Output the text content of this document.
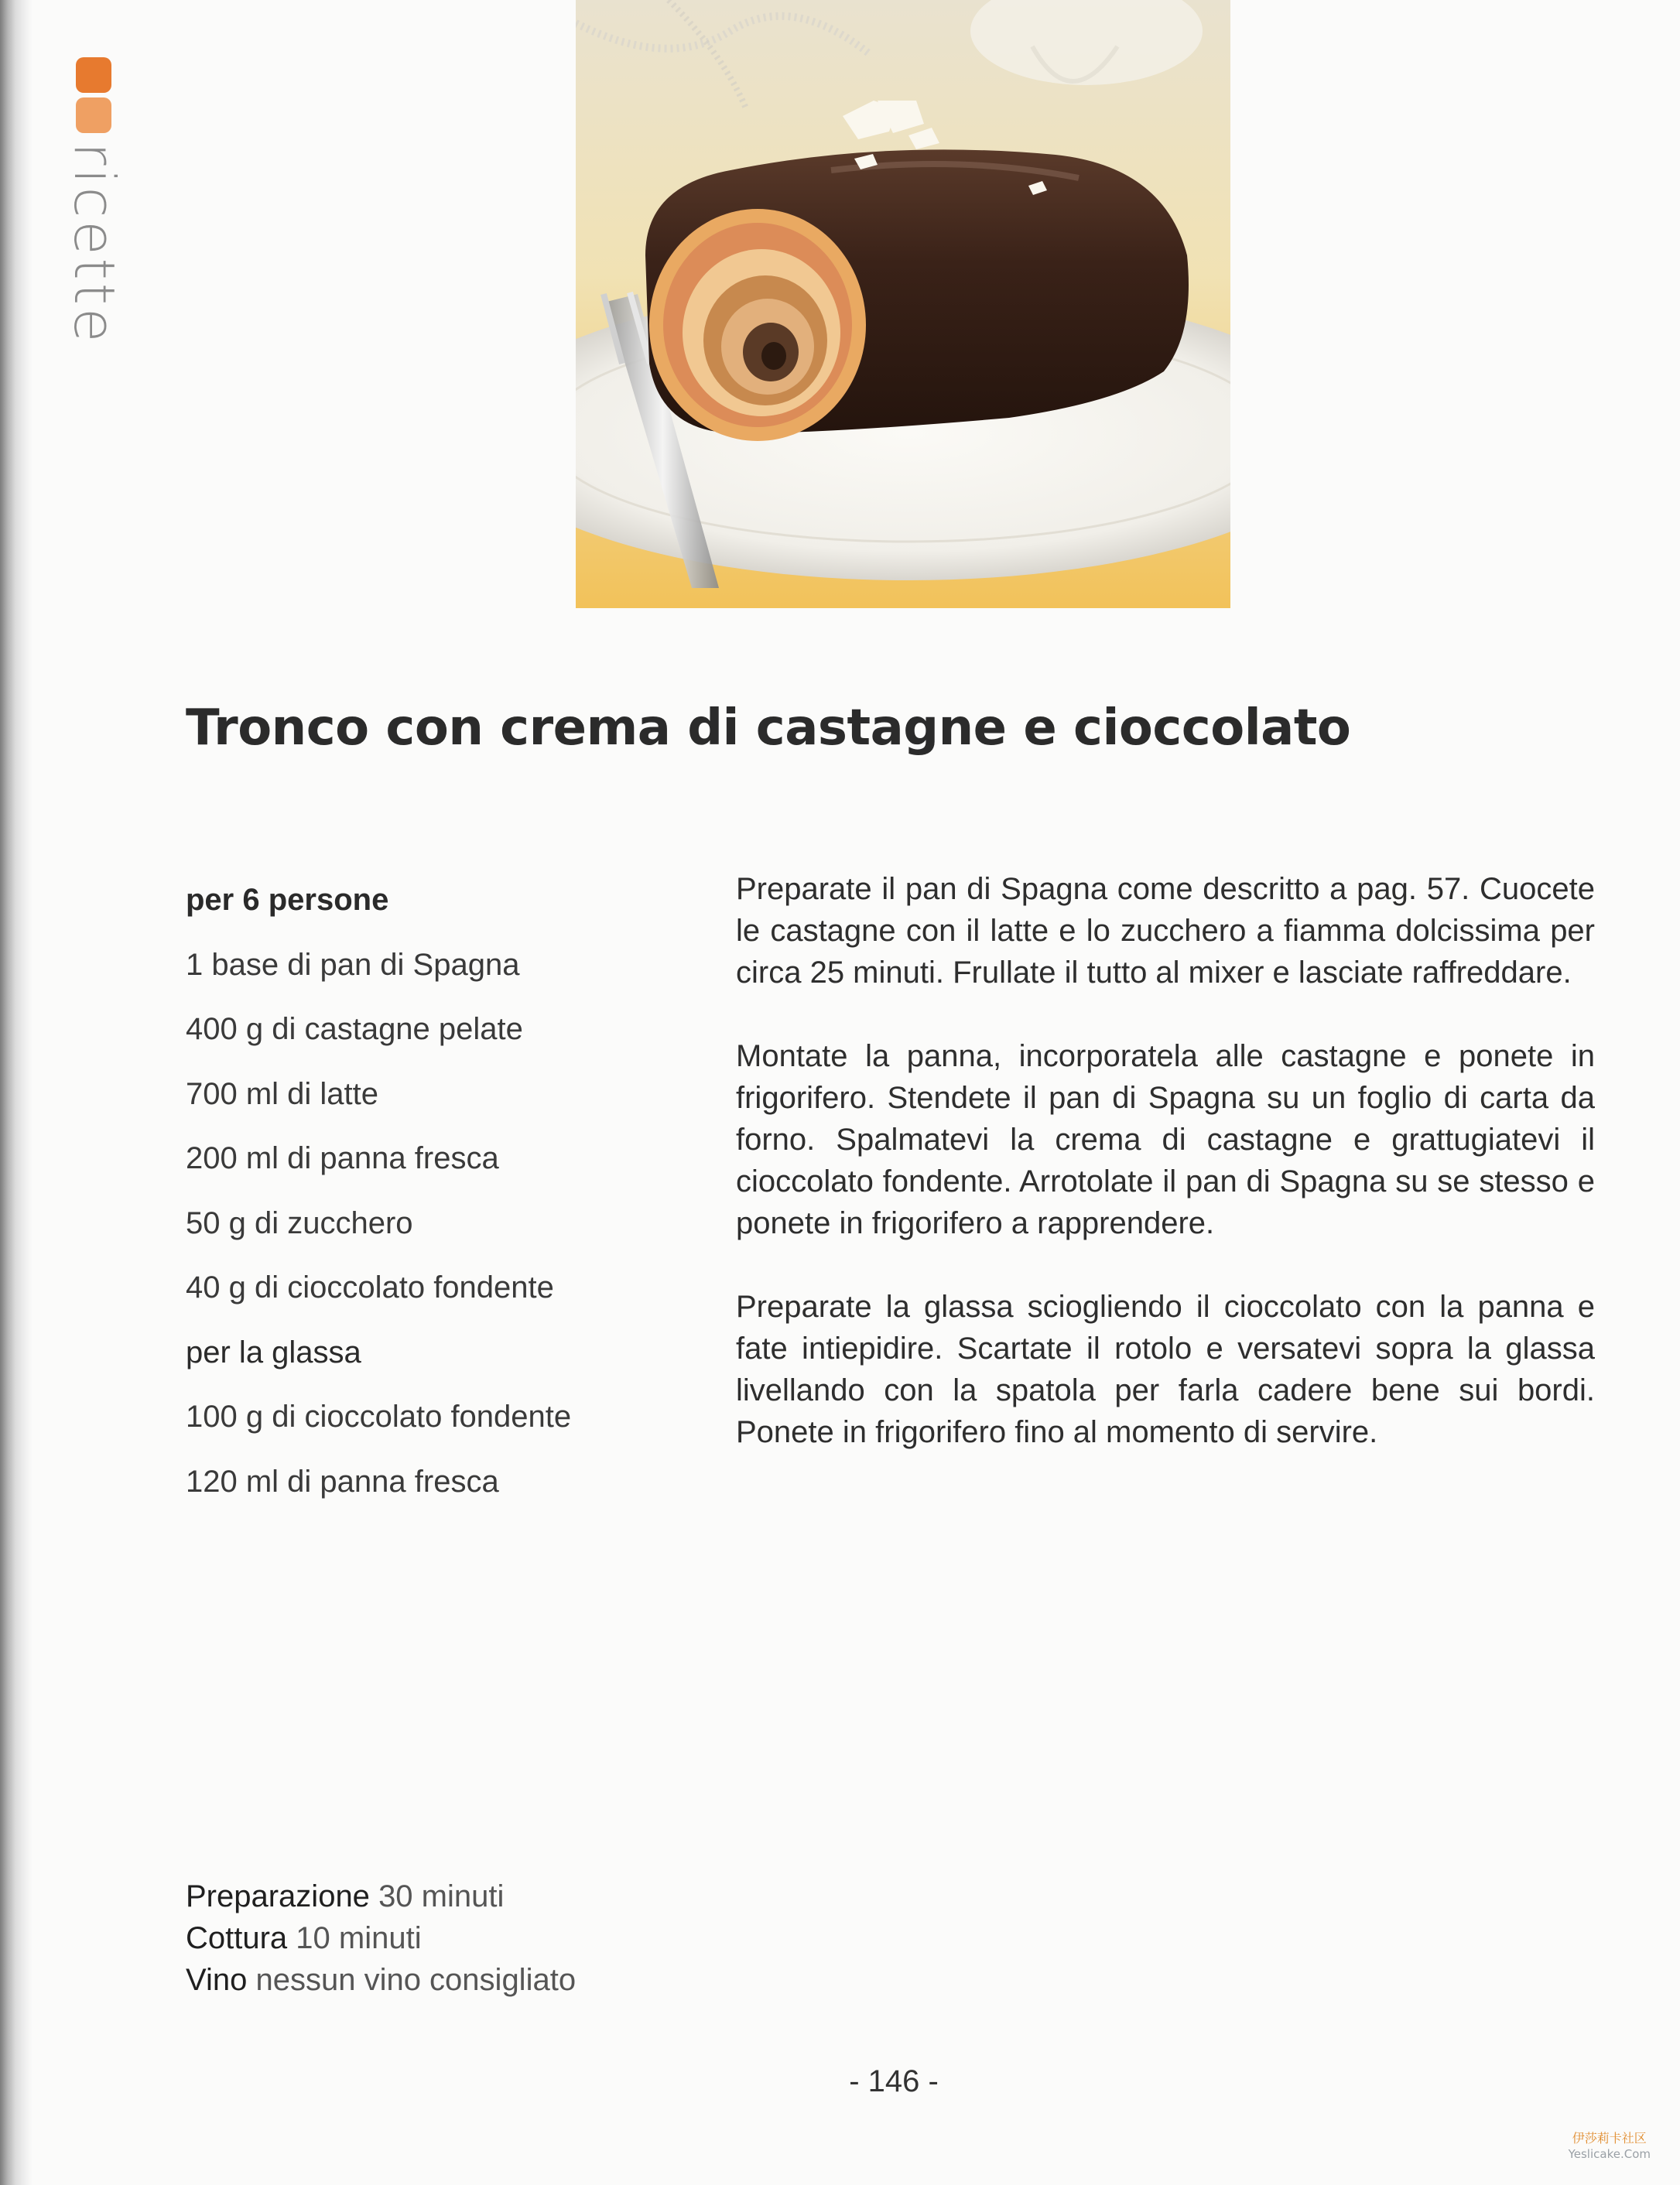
ricette
Tronco con crema di castagne e cioccolato
per 6 persone
1 base di pan di Spagna
400 g di castagne pelate
700 ml di latte
200 ml di panna fresca
50 g di zucchero
40 g di cioccolato fondente
per la glassa
100 g di cioccolato fondente
120 ml di panna fresca

Preparate il pan di Spagna come descritto a pag. 57. Cuocete le castagne con il latte e lo zucchero a fiamma dolcissima per circa 25 minuti. Frullate il tutto al mixer e lasciate raffreddare.

Montate la panna, incorporatela alle castagne e ponete in frigorifero. Stendete il pan di Spagna su un foglio di carta da forno. Spalmatevi la crema di castagne e grattugiatevi il cioccolato fondente. Arrotolate il pan di Spagna su se stesso e ponete in frigorifero a rapprendere.

Preparate la glassa sciogliendo il cioccolato con la panna e fate intiepidire. Scartate il rotolo e versatevi sopra la glassa livellando con la spatola per farla cadere bene sui bordi. Ponete in frigorifero fino al momento di servire.

Preparazione 30 minuti
Cottura 10 minuti
Vino nessun vino consigliato
- 146 -
伊莎莉卡社区
Yeslicake.Com
